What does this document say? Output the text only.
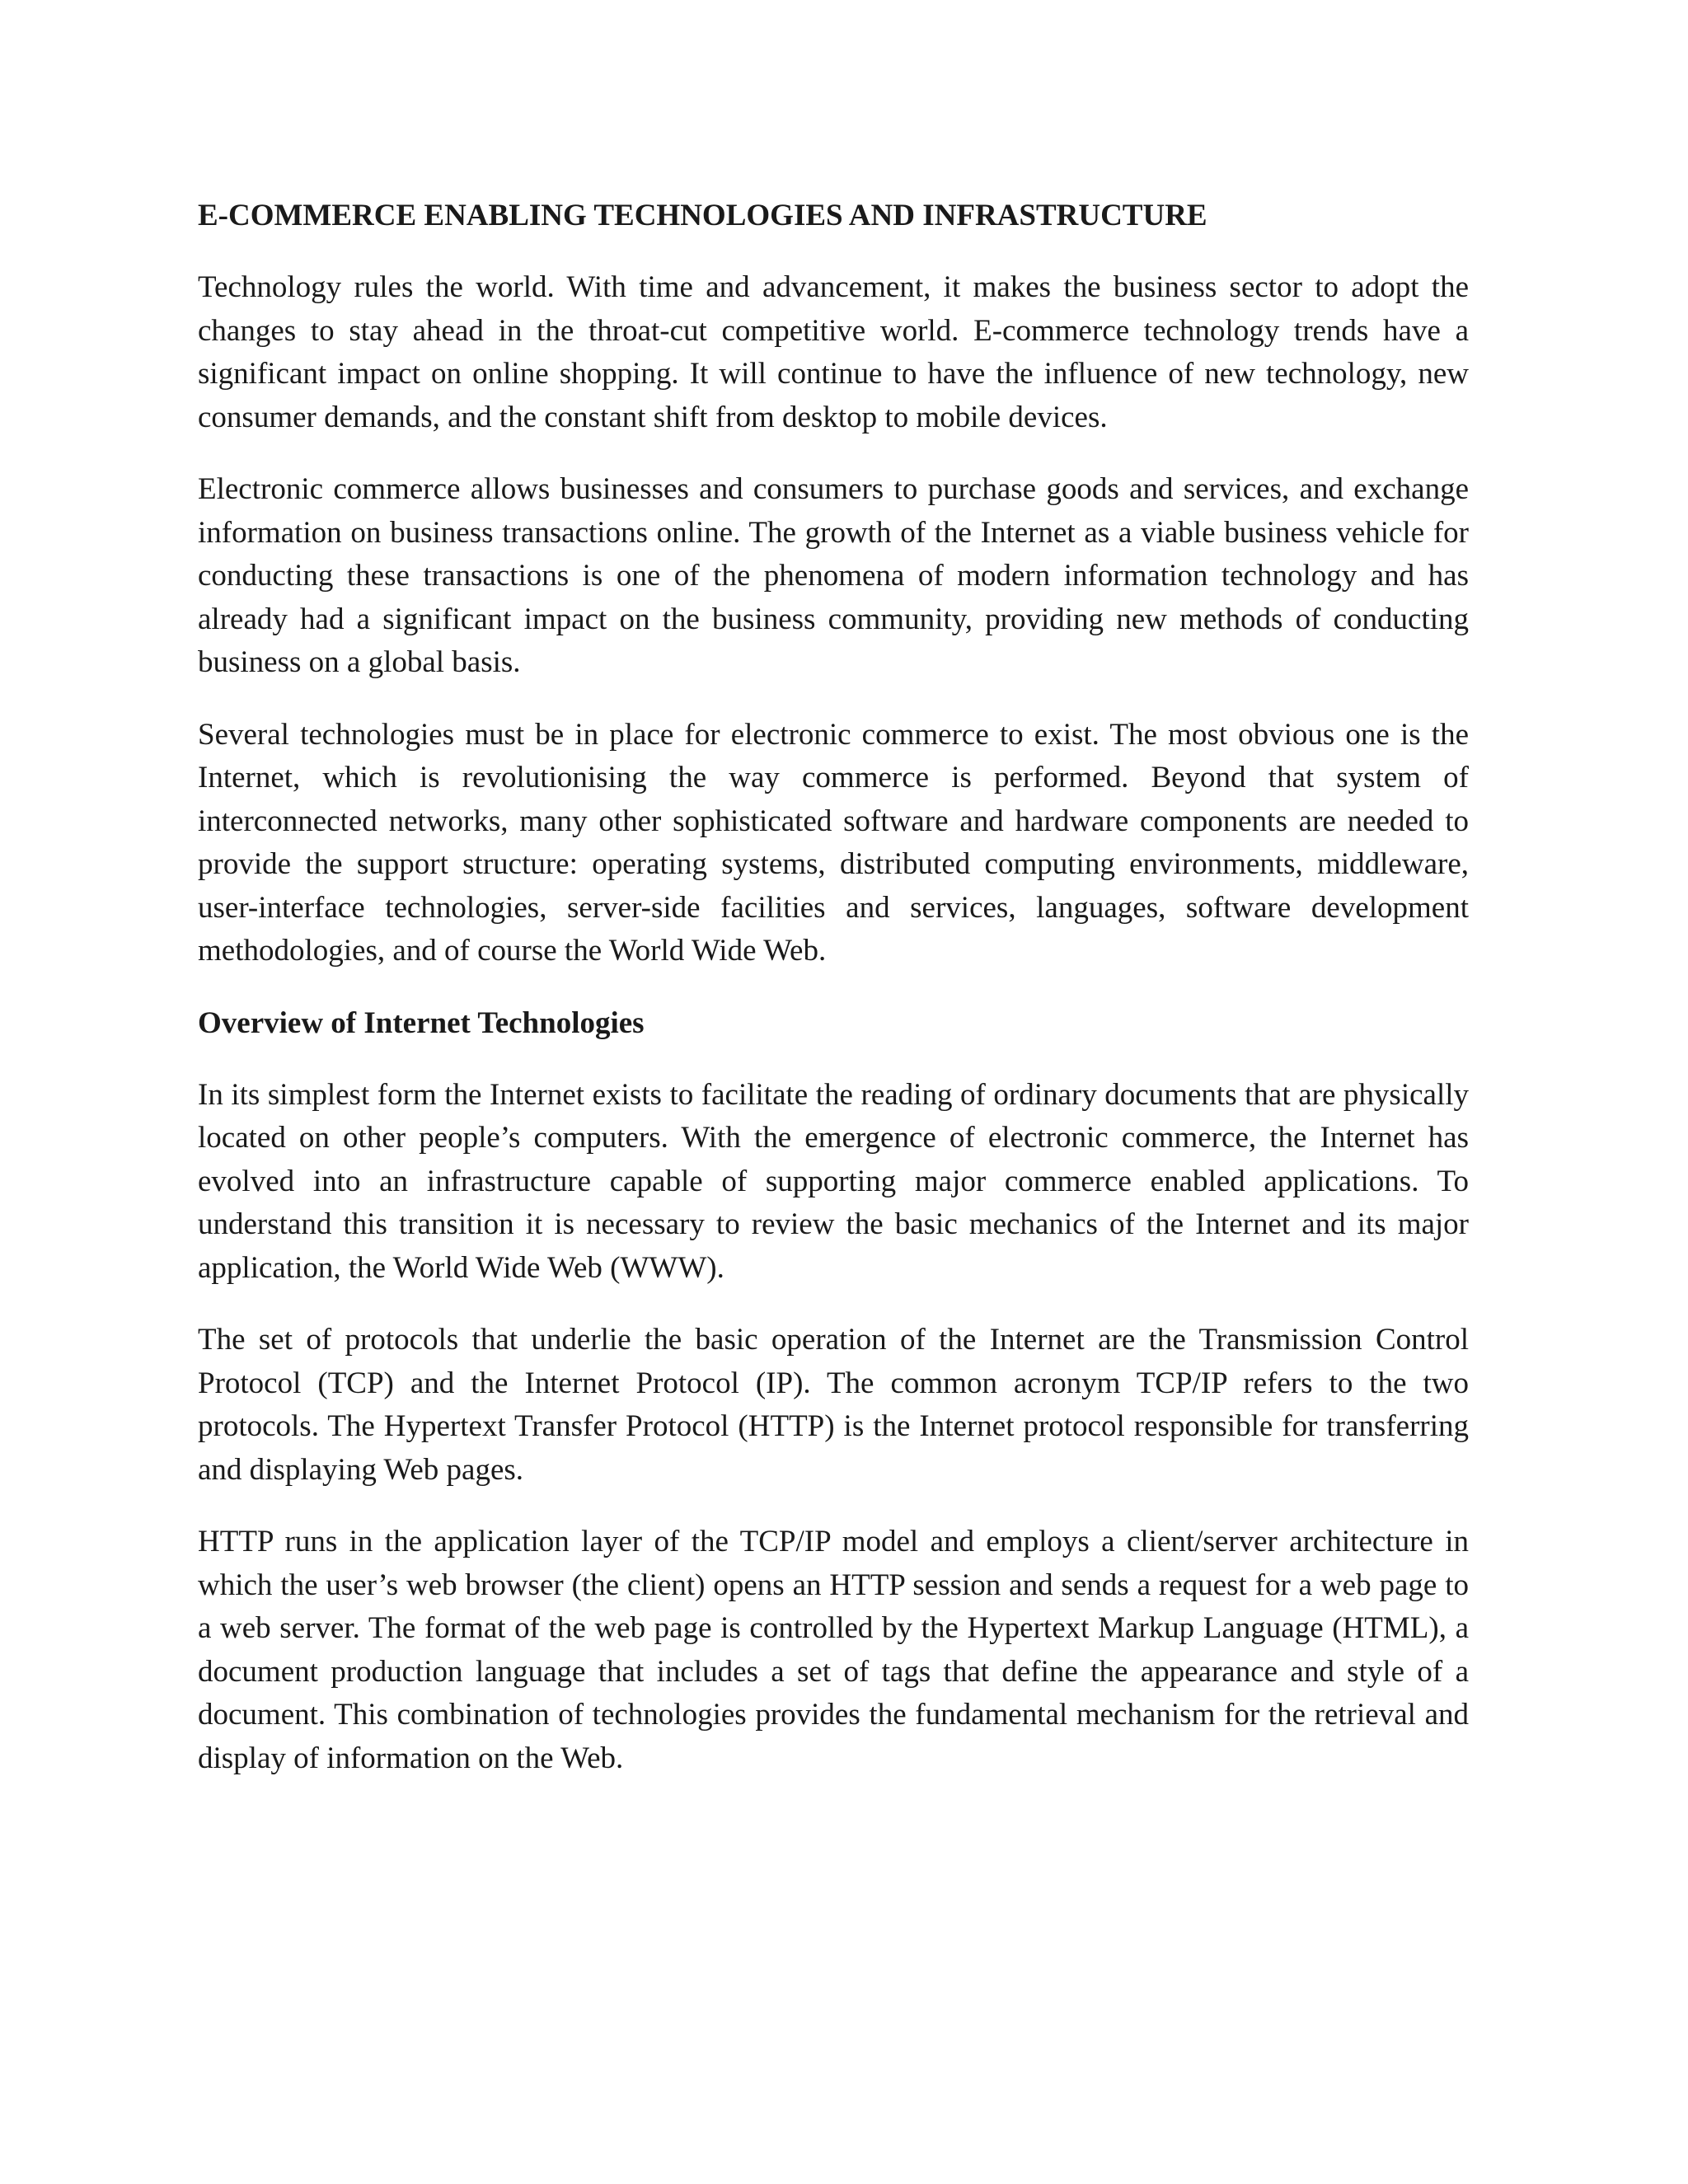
E-COMMERCE ENABLING TECHNOLOGIES AND INFRASTRUCTURE

Technology rules the world. With time and advancement, it makes the business sector to adopt the changes to stay ahead in the throat-cut competitive world. E-commerce technology trends have a significant impact on online shopping. It will continue to have the influence of new technology, new consumer demands, and the constant shift from desktop to mobile devices.

Electronic commerce allows businesses and consumers to purchase goods and services, and exchange information on business transactions online. The growth of the Internet as a viable business vehicle for conducting these transactions is one of the phenomena of modern information technology and has already had a significant impact on the business community, providing new methods of conducting business on a global basis.

Several technologies must be in place for electronic commerce to exist. The most obvious one is the Internet, which is revolutionising the way commerce is performed. Beyond that system of interconnected networks, many other sophisticated software and hardware components are needed to provide the support structure: operating systems, distributed computing environments, middleware, user-interface technologies, server-side facilities and services, languages, software development methodologies, and of course the World Wide Web.

Overview of Internet Technologies

In its simplest form the Internet exists to facilitate the reading of ordinary documents that are physically located on other people’s computers. With the emergence of electronic commerce, the Internet has evolved into an infrastructure capable of supporting major commerce enabled applications. To understand this transition it is necessary to review the basic mechanics of the Internet and its major application, the World Wide Web (WWW).

The set of protocols that underlie the basic operation of the Internet are the Transmission Control Protocol (TCP) and the Internet Protocol (IP). The common acronym TCP/IP refers to the two protocols. The Hypertext Transfer Protocol (HTTP) is the Internet protocol responsible for transferring and displaying Web pages.

HTTP runs in the application layer of the TCP/IP model and employs a client/server architecture in which the user’s web browser (the client) opens an HTTP session and sends a request for a web page to a web server. The format of the web page is controlled by the Hypertext Markup Language (HTML), a document production language that includes a set of tags that define the appearance and style of a document. This combination of technologies provides the fundamental mechanism for the retrieval and display of information on the Web.
